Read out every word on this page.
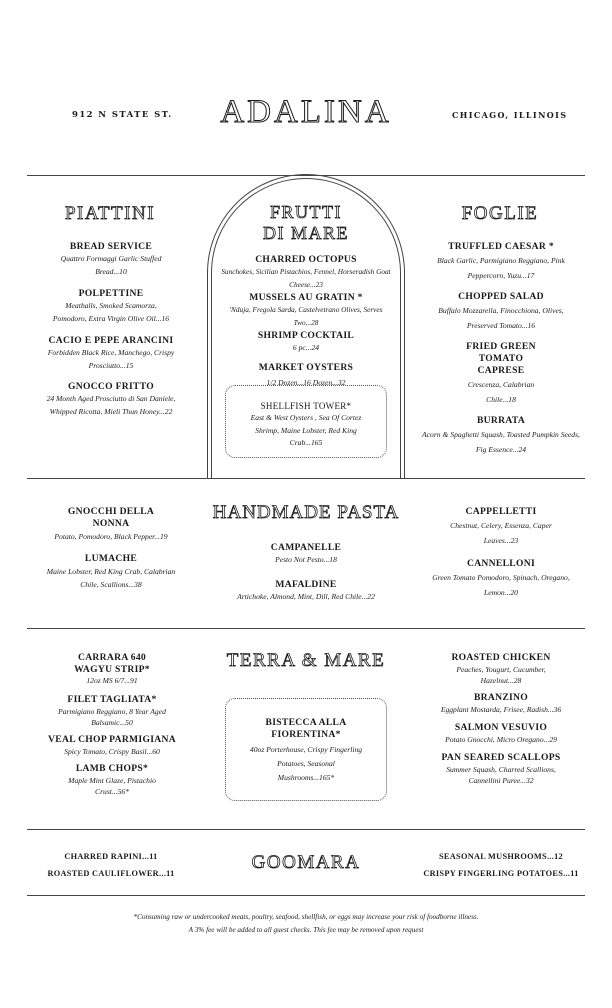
912 N STATE ST.	ADALINA	CHICAGO, ILLINOIS
PIATTINI
BREAD SERVICE
Quattro Formaggi Garlic Stuffed Bread...10
POLPETTINE
Meatballs, Smoked Scamorza, Pomodoro, Extra Virgin Olive Oil...16
CACIO E PEPE ARANCINI
Forbidden Black Rice, Manchego, Crispy Prosciutto...15
GNOCCO FRITTO
24 Month Aged Prosciutto di San Daniele, Whipped Ricotta, Mieli Thun Honey...22
FRUTTI
DI MARE
CHARRED OCTOPUS
Sunchokes, Sicilian Pistachios, Fennel, Horseradish Goat Cheese...23
MUSSELS AU GRATIN *
'Nduja, Fregola Sarda, Castelvetrano Olives, Serves Two...28
SHRIMP COCKTAIL
6 pc...24
MARKET OYSTERS
1/2 Dozen...16 Dozen...32
SHELLFISH TOWER*
East & West Oysters , Sea Of Cortez Shrimp, Maine Lobster, Red King Crab...165
FOGLIE
TRUFFLED CAESAR *
Black Garlic, Parmigiano Reggiano, Pink Peppercorn, Yuzu...17
CHOPPED SALAD
Buffalo Mozzarella, Finocchiona, Olives, Preserved Tomato...16
FRIED GREEN TOMATO CAPRESE
Crescenza, Calabrian Chile...18
BURRATA
Acorn & Spaghetti Squash, Toasted Pumpkin Seeds, Fig Essence...24
GNOCCHI DELLA NONNA
Potato, Pomodoro, Black Pepper...19
LUMACHE
Maine Lobster, Red King Crab, Calabrian Chile, Scallions...38
HANDMADE PASTA
CAMPANELLE
Pesto Not Pesto...18
MAFALDINE
Artichoke, Almond, Mint, Dill, Red Chile...22
CAPPELLETTI
Chestnut, Celery, Essenza, Caper Leaves...23
CANNELLONI
Green Tomato Pomodoro, Spinach, Oregano, Lemon...20
CARRARA 640 WAGYU STRIP*
12oz MS 6/7...91
FILET TAGLIATA*
Parmigiano Reggiano, 8 Year Aged Balsamic...50
VEAL CHOP PARMIGIANA
Spicy Tomato, Crispy Basil...60
LAMB CHOPS*
Maple Mint Glaze, Pistachio Crust...56*
TERRA & MARE
BISTECCA ALLA FIORENTINA*
40oz Porterhouse, Crispy Fingerling Potatoes, Seasonal Mushrooms...165*
ROASTED CHICKEN
Peaches, Yougurt, Cucumber, Hazelnut...28
BRANZINO
Eggplant Mostarda, Frisee, Radish...36
SALMON VESUVIO
Potato Gnocchi, Micro Oregano...29
PAN SEARED SCALLOPS
Summer Squash, Charred Scallions, Cannellini Puree...32
CHARRED RAPINI...11
ROASTED CAULIFLOWER...11
GOOMARA	SEASONAL MUSHROOMS...12
CRISPY FINGERLING POTATOES...11
*Consuming raw or undercooked meats, poultry, seafood, shellfish, or eggs may increase your risk of foodborne illness.
A 3% fee will be added to all guest checks. This fee may be removed upon request
